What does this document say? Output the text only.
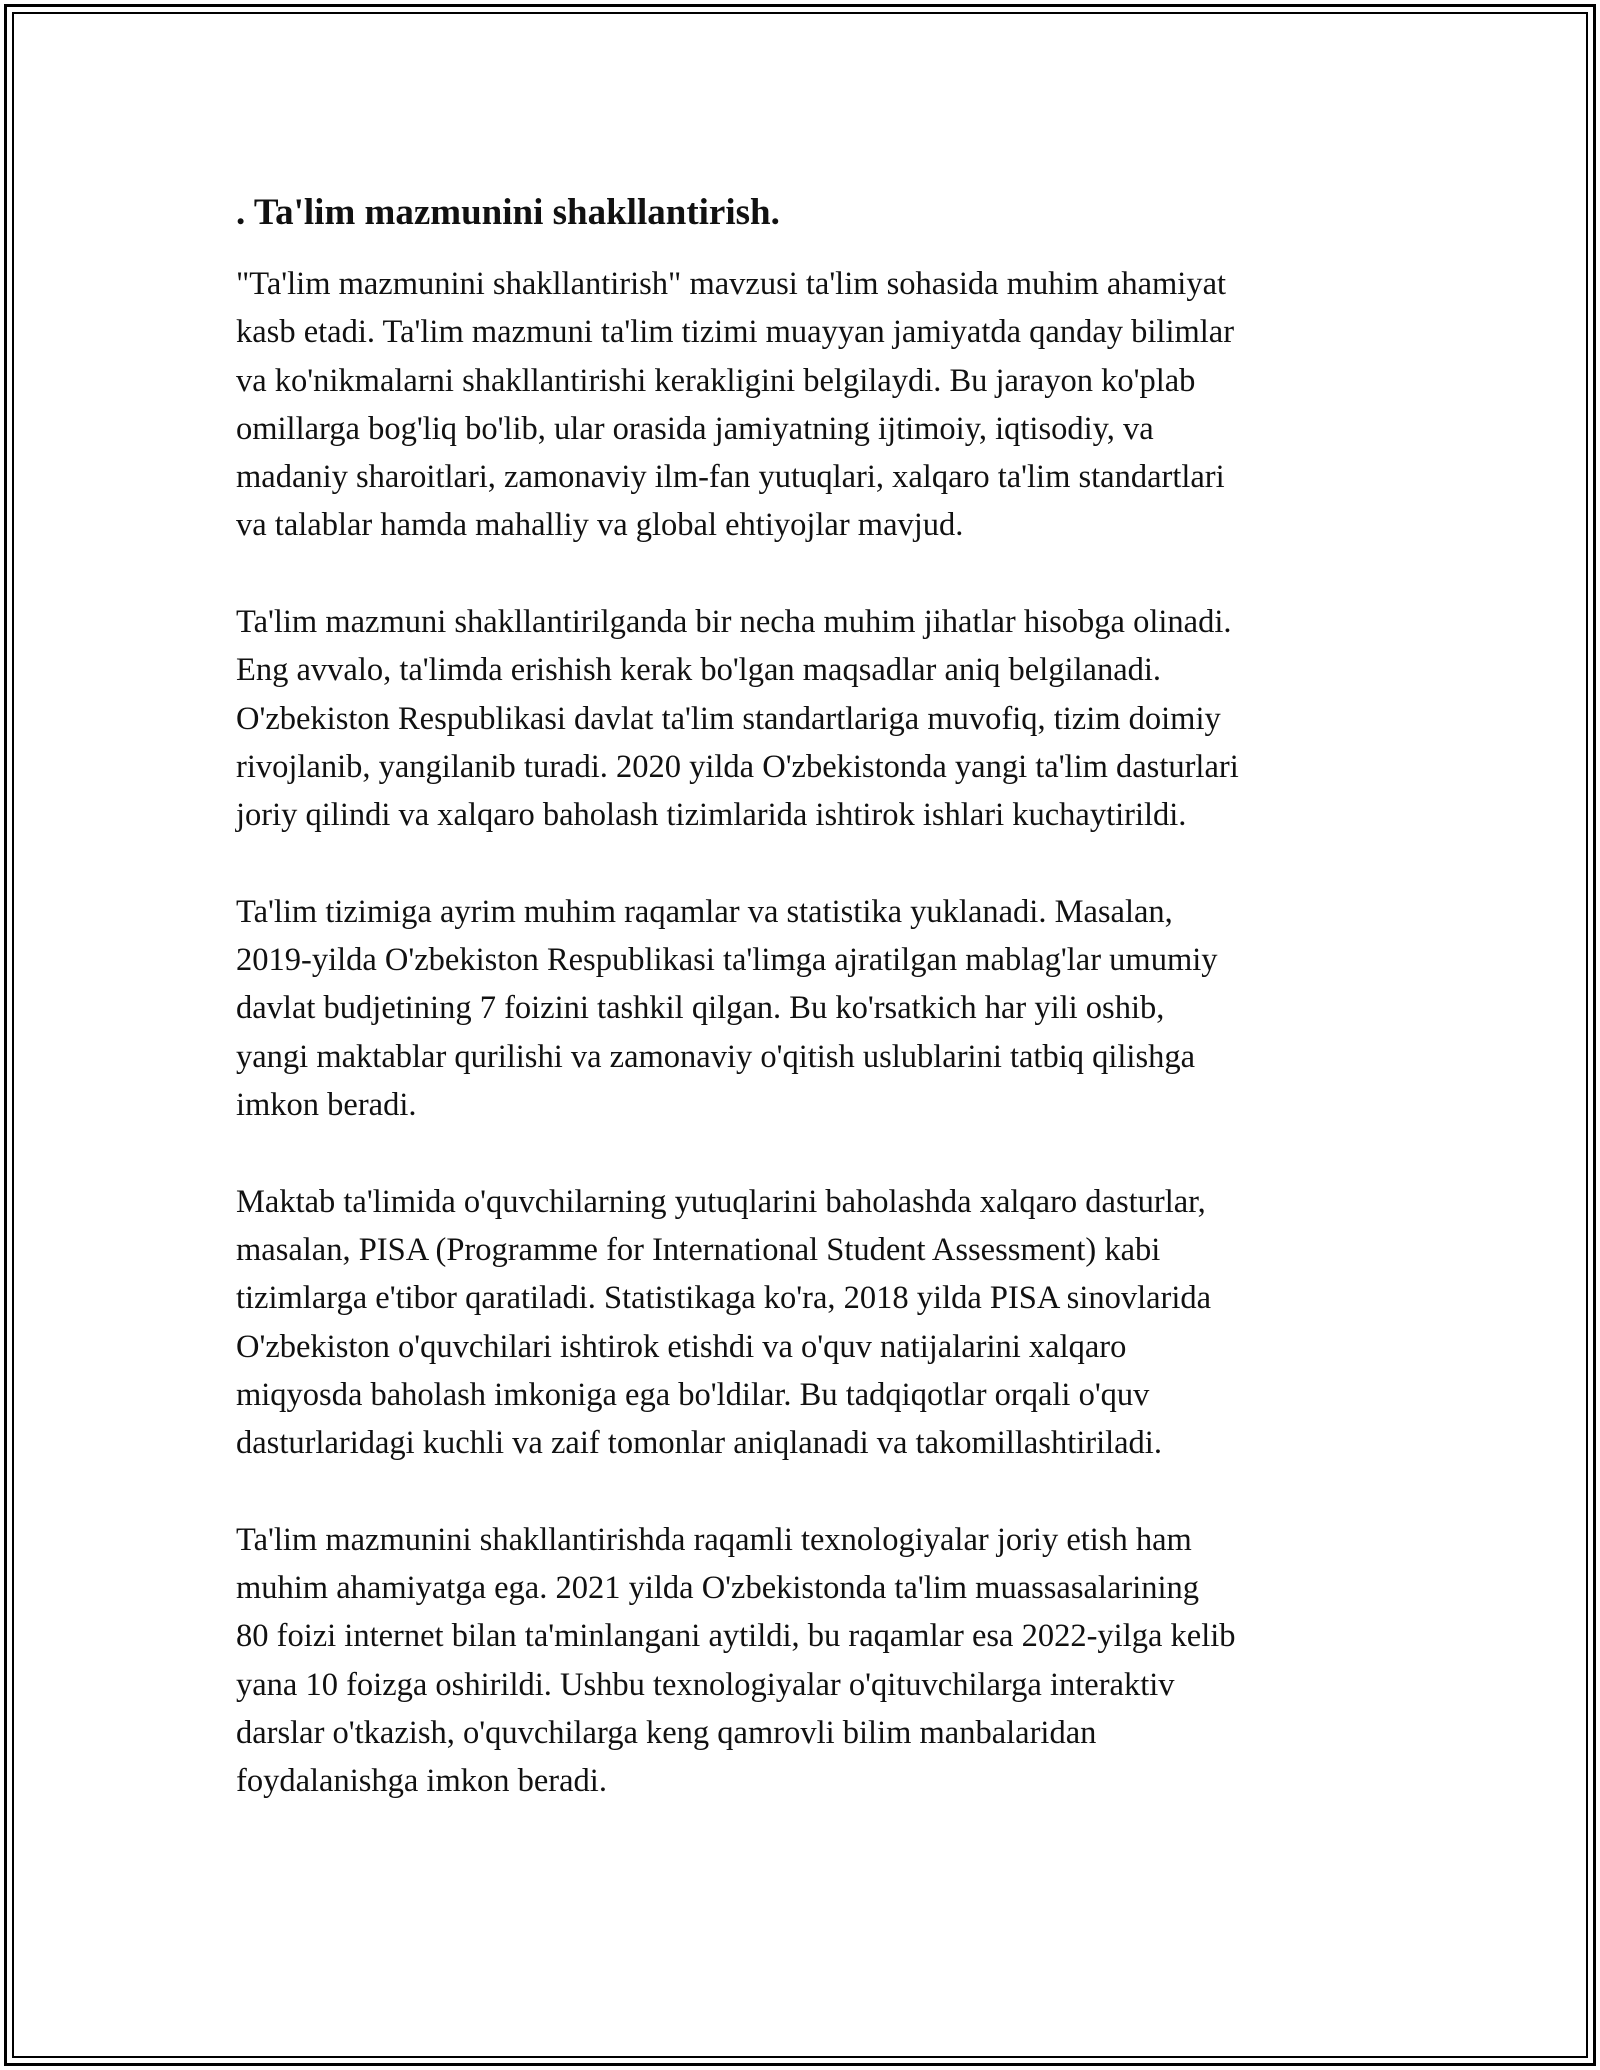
. Ta'lim mazmunini shakllantirish.

"Ta'lim mazmunini shakllantirish" mavzusi ta'lim sohasida muhim ahamiyat
kasb etadi. Ta'lim mazmuni ta'lim tizimi muayyan jamiyatda qanday bilimlar
va ko'nikmalarni shakllantirishi kerakligini belgilaydi. Bu jarayon ko'plab
omillarga bog'liq bo'lib, ular orasida jamiyatning ijtimoiy, iqtisodiy, va
madaniy sharoitlari, zamonaviy ilm-fan yutuqlari, xalqaro ta'lim standartlari
va talablar hamda mahalliy va global ehtiyojlar mavjud.

Ta'lim mazmuni shakllantirilganda bir necha muhim jihatlar hisobga olinadi.
Eng avvalo, ta'limda erishish kerak bo'lgan maqsadlar aniq belgilanadi.
O'zbekiston Respublikasi davlat ta'lim standartlariga muvofiq, tizim doimiy
rivojlanib, yangilanib turadi. 2020 yilda O'zbekistonda yangi ta'lim dasturlari
joriy qilindi va xalqaro baholash tizimlarida ishtirok ishlari kuchaytirildi.

Ta'lim tizimiga ayrim muhim raqamlar va statistika yuklanadi. Masalan,
2019-yilda O'zbekiston Respublikasi ta'limga ajratilgan mablag'lar umumiy
davlat budjetining 7 foizini tashkil qilgan. Bu ko'rsatkich har yili oshib,
yangi maktablar qurilishi va zamonaviy o'qitish uslublarini tatbiq qilishga
imkon beradi.

Maktab ta'limida o'quvchilarning yutuqlarini baholashda xalqaro dasturlar,
masalan, PISA (Programme for International Student Assessment) kabi
tizimlarga e'tibor qaratiladi. Statistikaga ko'ra, 2018 yilda PISA sinovlarida
O'zbekiston o'quvchilari ishtirok etishdi va o'quv natijalarini xalqaro
miqyosda baholash imkoniga ega bo'ldilar. Bu tadqiqotlar orqali o'quv
dasturlaridagi kuchli va zaif tomonlar aniqlanadi va takomillashtiriladi.

Ta'lim mazmunini shakllantirishda raqamli texnologiyalar joriy etish ham
muhim ahamiyatga ega. 2021 yilda O'zbekistonda ta'lim muassasalarining
80 foizi internet bilan ta'minlangani aytildi, bu raqamlar esa 2022-yilga kelib
yana 10 foizga oshirildi. Ushbu texnologiyalar o'qituvchilarga interaktiv
darslar o'tkazish, o'quvchilarga keng qamrovli bilim manbalaridan
foydalanishga imkon beradi.
